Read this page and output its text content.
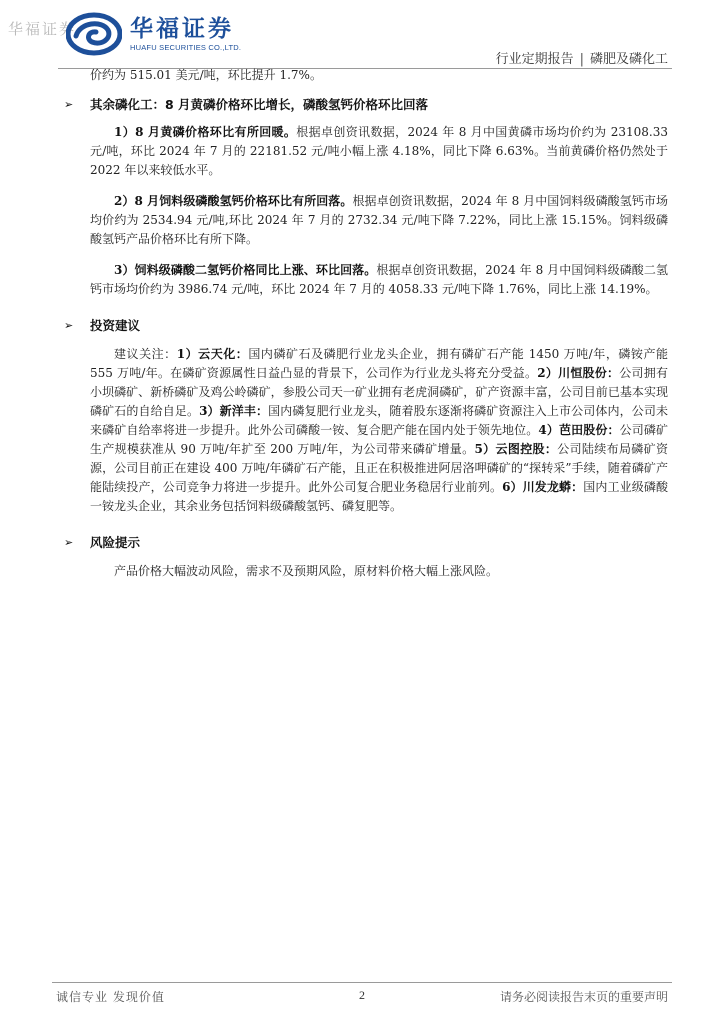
华福证券 华福证券
HUAFU SECURITIES CO.,LTD.
行业定期报告 | 磷肥及磷化工

价约为 515.01 美元/吨，环比提升 1.7%。

➢ 其余磷化工：8 月黄磷价格环比增长，磷酸氢钙价格环比回落

1）8 月黄磷价格环比有所回暖。根据卓创资讯数据，2024 年 8 月中国黄磷市场均价约为 23108.33 元/吨，环比 2024 年 7 月的 22181.52 元/吨小幅上涨 4.18%，同比下降 6.63%。当前黄磷价格仍然处于 2022 年以来较低水平。

2）8 月饲料级磷酸氢钙价格环比有所回落。根据卓创资讯数据，2024 年 8 月中国饲料级磷酸氢钙市场均价约为 2534.94 元/吨,环比 2024 年 7 月的 2732.34 元/吨下降 7.22%，同比上涨 15.15%。饲料级磷酸氢钙产品价格环比有所下降。

3）饲料级磷酸二氢钙价格同比上涨、环比回落。根据卓创资讯数据，2024 年 8 月中国饲料级磷酸二氢钙市场均价约为 3986.74 元/吨，环比 2024 年 7 月的 4058.33 元/吨下降 1.76%，同比上涨 14.19%。

➢ 投资建议

建议关注：1）云天化：国内磷矿石及磷肥行业龙头企业，拥有磷矿石产能 1450 万吨/年，磷铵产能 555 万吨/年。在磷矿资源属性日益凸显的背景下，公司作为行业龙头将充分受益。2）川恒股份：公司拥有小坝磷矿、新桥磷矿及鸡公岭磷矿，参股公司天一矿业拥有老虎洞磷矿，矿产资源丰富，公司目前已基本实现磷矿石的自给自足。3）新洋丰：国内磷复肥行业龙头，随着股东逐渐将磷矿资源注入上市公司体内，公司未来磷矿自给率将进一步提升。此外公司磷酸一铵、复合肥产能在国内处于领先地位。4）芭田股份：公司磷矿生产规模获准从 90 万吨/年扩至 200 万吨/年，为公司带来磷矿增量。5）云图控股：公司陆续布局磷矿资源，公司目前正在建设 400 万吨/年磷矿石产能，且正在积极推进阿居洛呷磷矿的“探转采”手续，随着磷矿产能陆续投产，公司竞争力将进一步提升。此外公司复合肥业务稳居行业前列。6）川发龙蟒：国内工业级磷酸一铵龙头企业，其余业务包括饲料级磷酸氢钙、磷复肥等。

➢ 风险提示

产品价格大幅波动风险，需求不及预期风险，原材料价格大幅上涨风险。

诚信专业 发现价值	2	请务必阅读报告末页的重要声明
